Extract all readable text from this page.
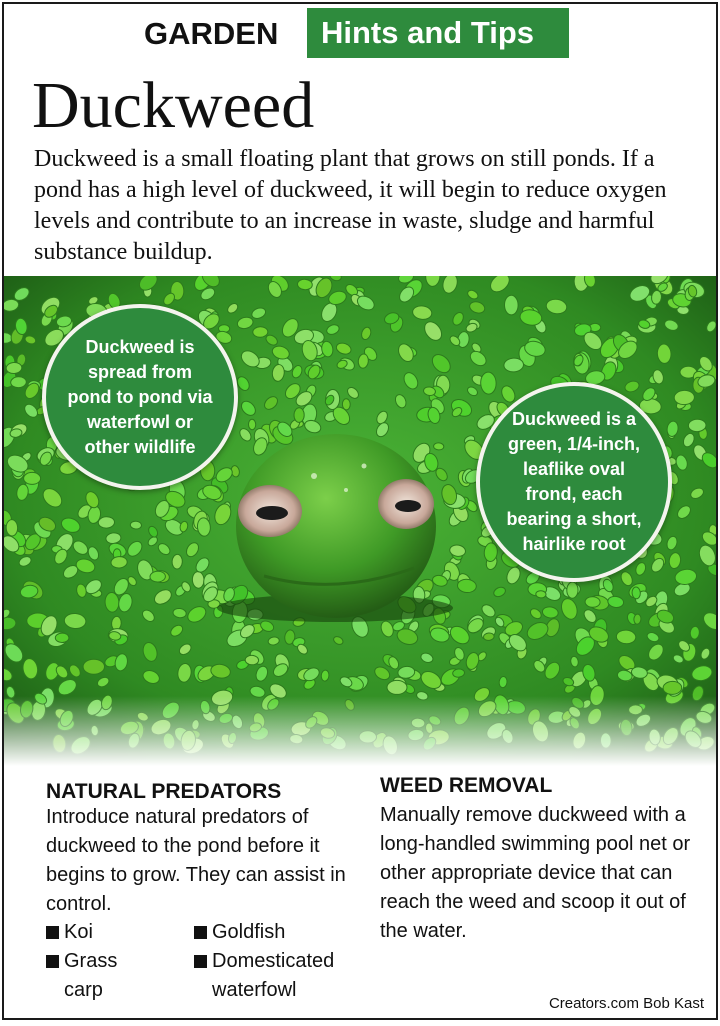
GARDEN	Hints and Tips
Duckweed

Duckweed is a small floating plant that grows on still ponds. If a pond has a high level of duckweed, it will begin to reduce oxygen levels and contribute to an increase in waste, sludge and harmful substance buildup.

Duckweed is spread from pond to pond via waterfowl or other wildlife
Duckweed is a green, 1/4-inch, leaflike oval frond, each bearing a short, hairlike root
NATURAL PREDATORS

Introduce natural predators of duckweed to the pond before it begins to grow. They can assist in control.

Koi	Goldfish
Grass carp
Domesticated waterfowl
WEED REMOVAL

Manually remove duckweed with a long-handled swimming pool net or other appropriate device that can reach the weed and scoop it out of the water.

Creators.com Bob Kast
